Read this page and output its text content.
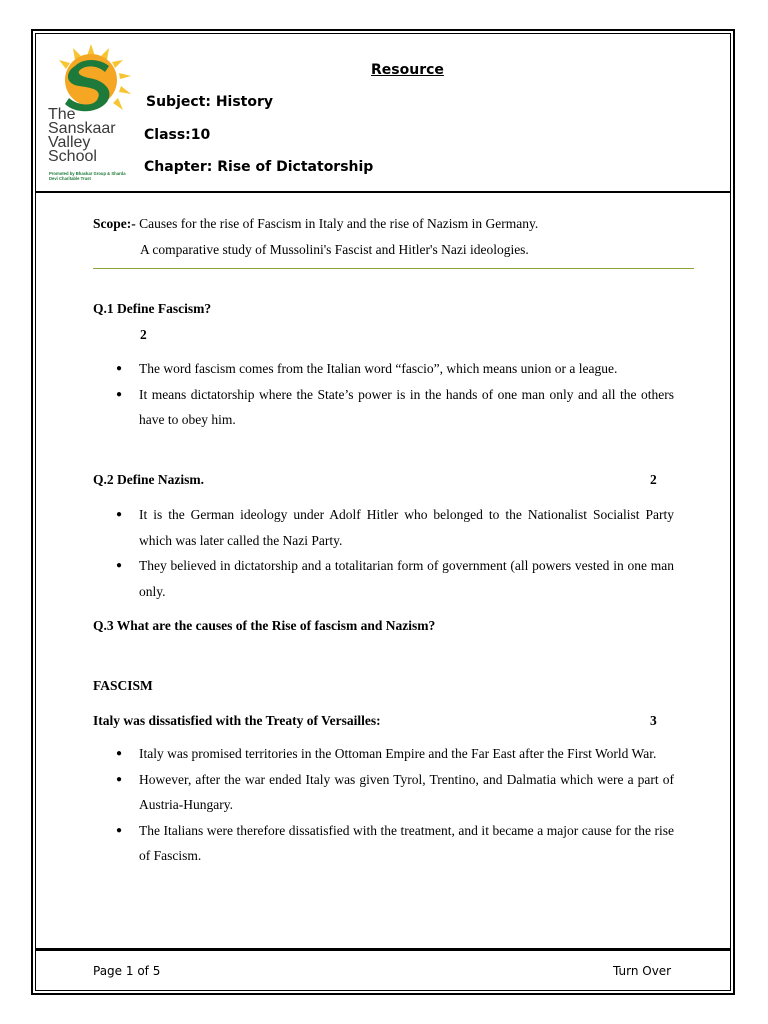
The
Sanskaar
Valley
School
Promoted by Bhaskar Group & Sharda Devi Charitable Trust
Resource
Subject: History
Class:10
Chapter: Rise of Dictatorship
Scope:- Causes for the rise of Fascism in Italy and the rise of Nazism in Germany.
A comparative study of Mussolini's Fascist and Hitler's Nazi ideologies.
Q.1 Define Fascism?
2
● The word fascism comes from the Italian word “fascio”, which means union or a league.
● It means dictatorship where the State’s power is in the hands of one man only and all the others have to obey him.
Q.2 Define Nazism.	2
● It is the German ideology under Adolf Hitler who belonged to the Nationalist Socialist Party which was later called the Nazi Party.
● They believed in dictatorship and a totalitarian form of government (all powers vested in one man only.
Q.3 What are the causes of the Rise of fascism and Nazism?
FASCISM
Italy was dissatisfied with the Treaty of Versailles:	3
● Italy was promised territories in the Ottoman Empire and the Far East after the First World War.
● However, after the war ended Italy was given Tyrol, Trentino, and Dalmatia which were a part of Austria-Hungary.
● The Italians were therefore dissatisfied with the treatment, and it became a major cause for the rise of Fascism.
Page 1 of 5	Turn Over
